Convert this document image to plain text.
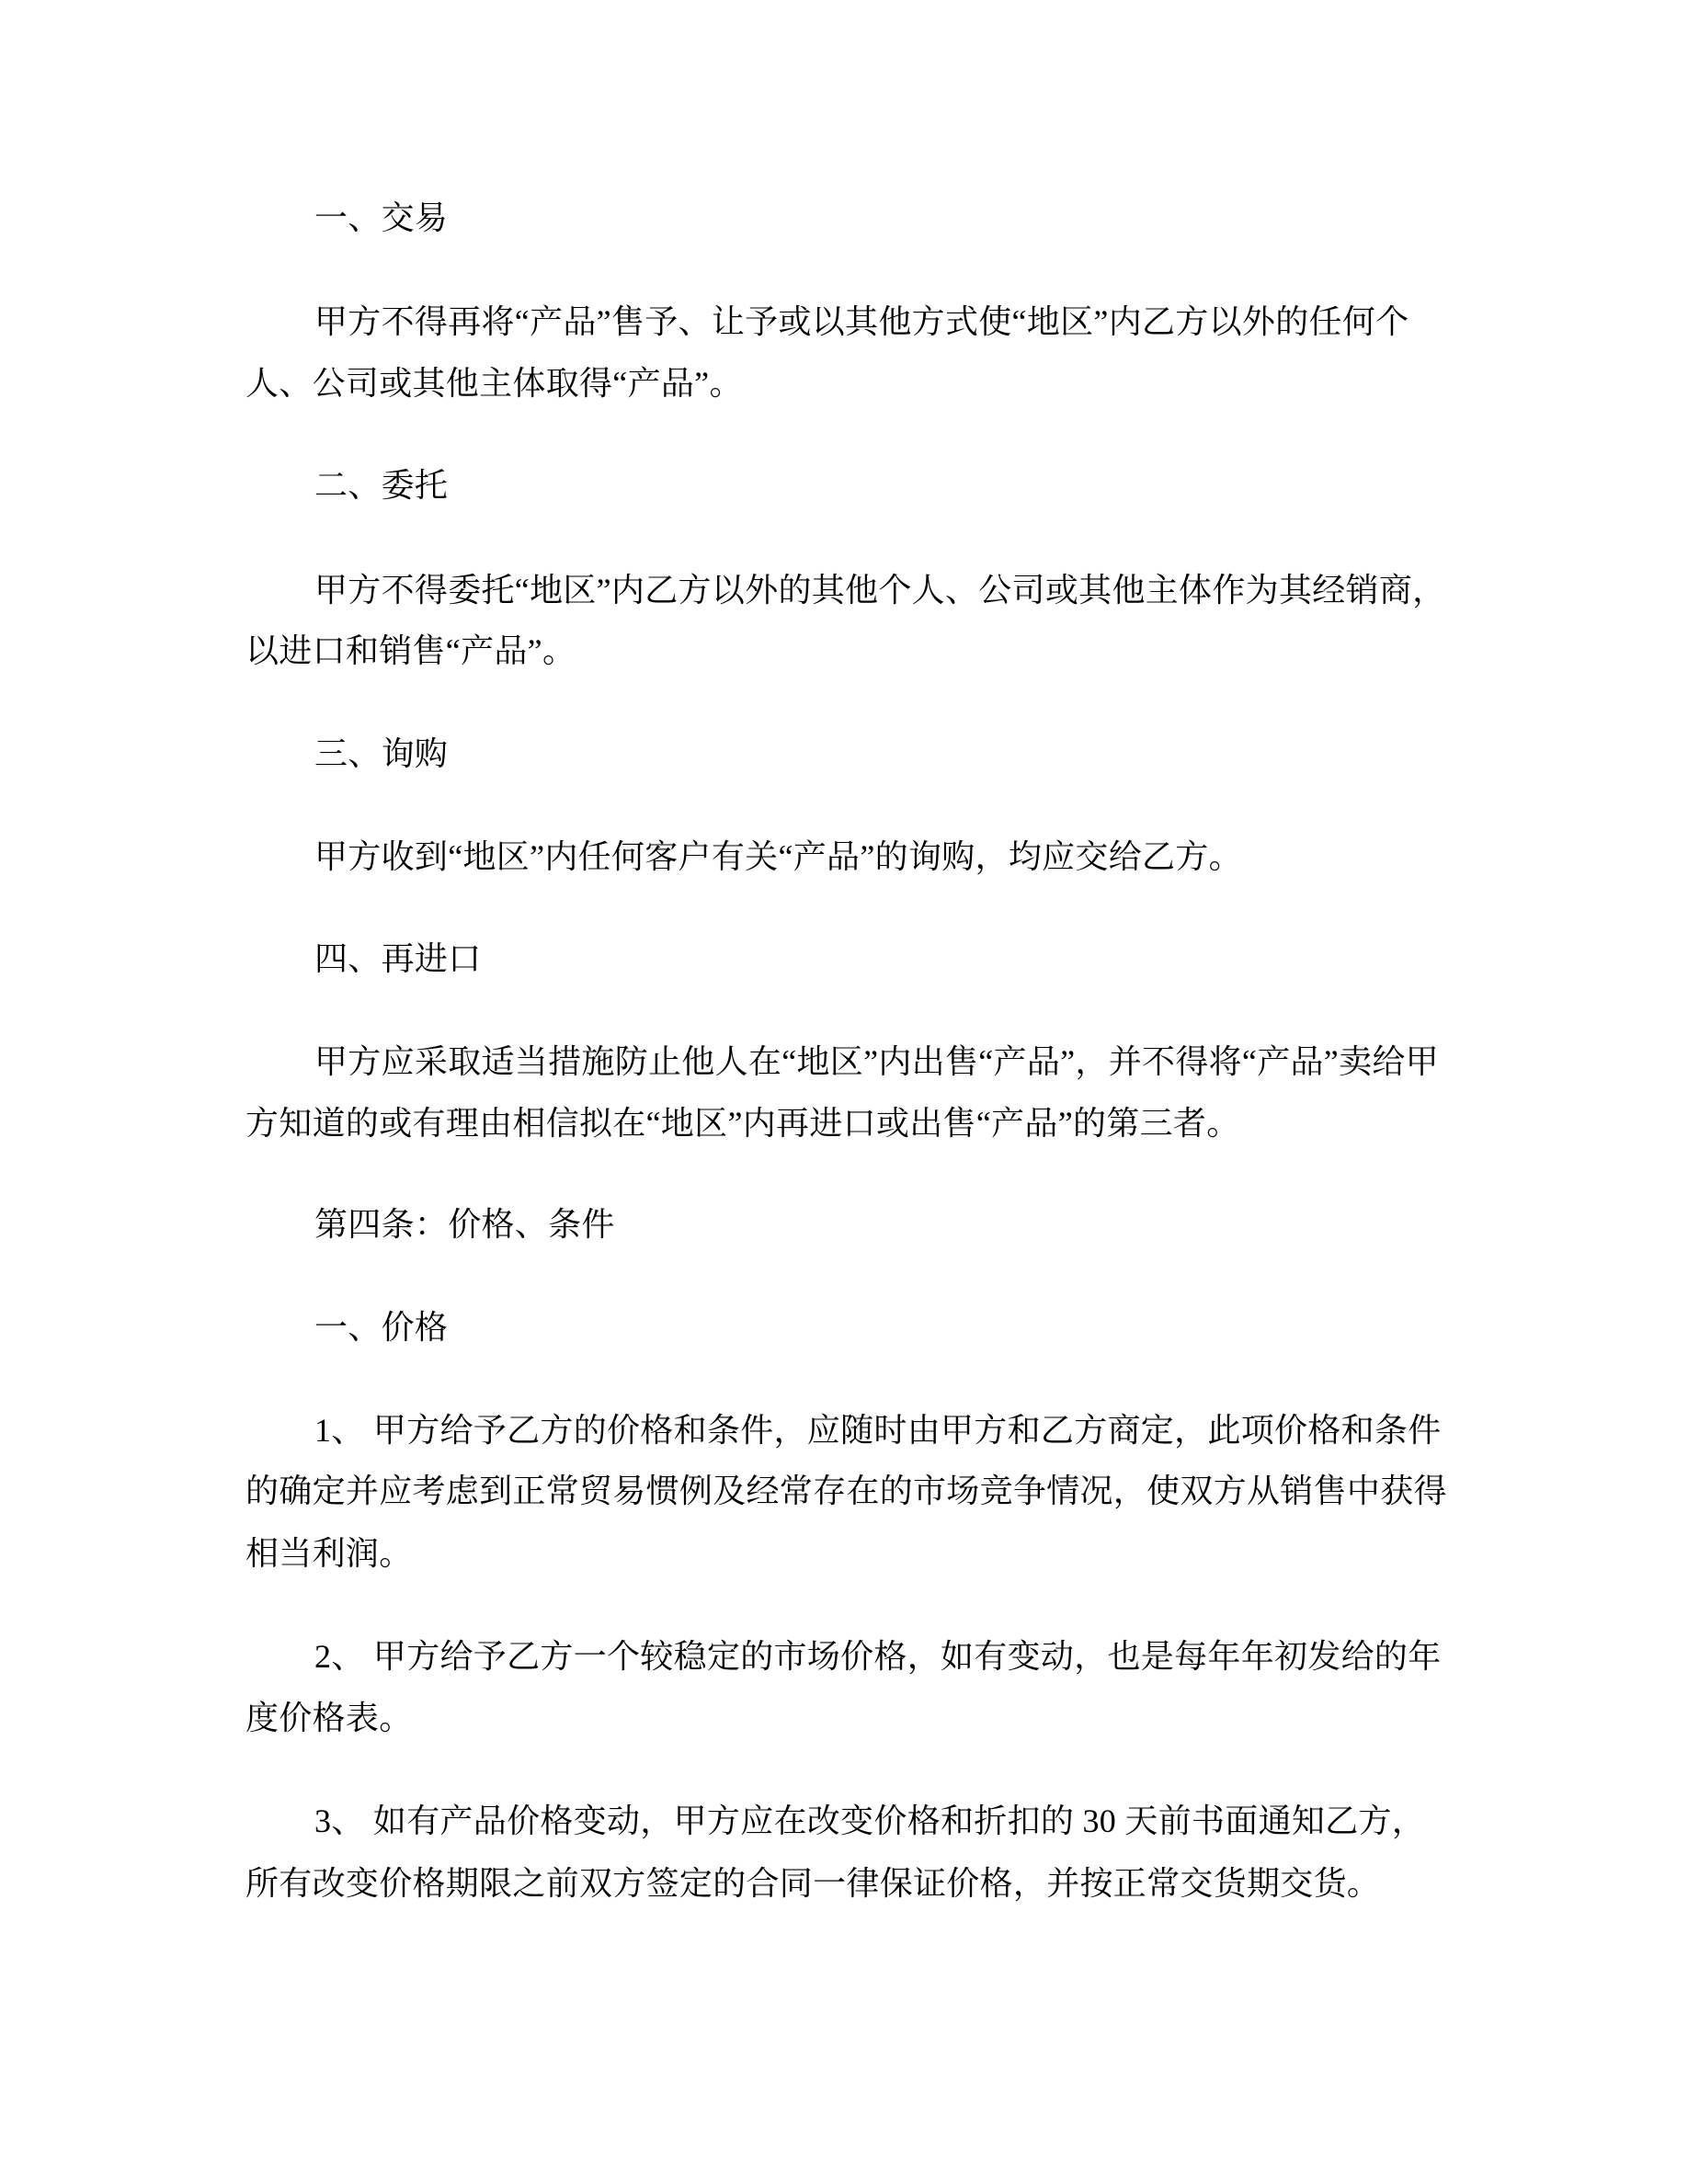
一、交易
甲方不得再将“产品”售予、让予或以其他方式使“地区”内乙方以外的任何个
人、公司或其他主体取得“产品”。
二、委托
甲方不得委托“地区”内乙方以外的其他个人、公司或其他主体作为其经销商，
以进口和销售“产品”。
三、询购
甲方收到“地区”内任何客户有关“产品”的询购，均应交给乙方。
四、再进口
甲方应采取适当措施防止他人在“地区”内出售“产品”，并不得将“产品”卖给甲
方知道的或有理由相信拟在“地区”内再进口或出售“产品”的第三者。
第四条：价格、条件
一、价格
1、 甲方给予乙方的价格和条件，应随时由甲方和乙方商定，此项价格和条件
的确定并应考虑到正常贸易惯例及经常存在的市场竞争情况，使双方从销售中获得
相当利润。
2、 甲方给予乙方一个较稳定的市场价格，如有变动，也是每年年初发给的年
度价格表。
3、 如有产品价格变动，甲方应在改变价格和折扣的 30 天前书面通知乙方，
所有改变价格期限之前双方签定的合同一律保证价格，并按正常交货期交货。
